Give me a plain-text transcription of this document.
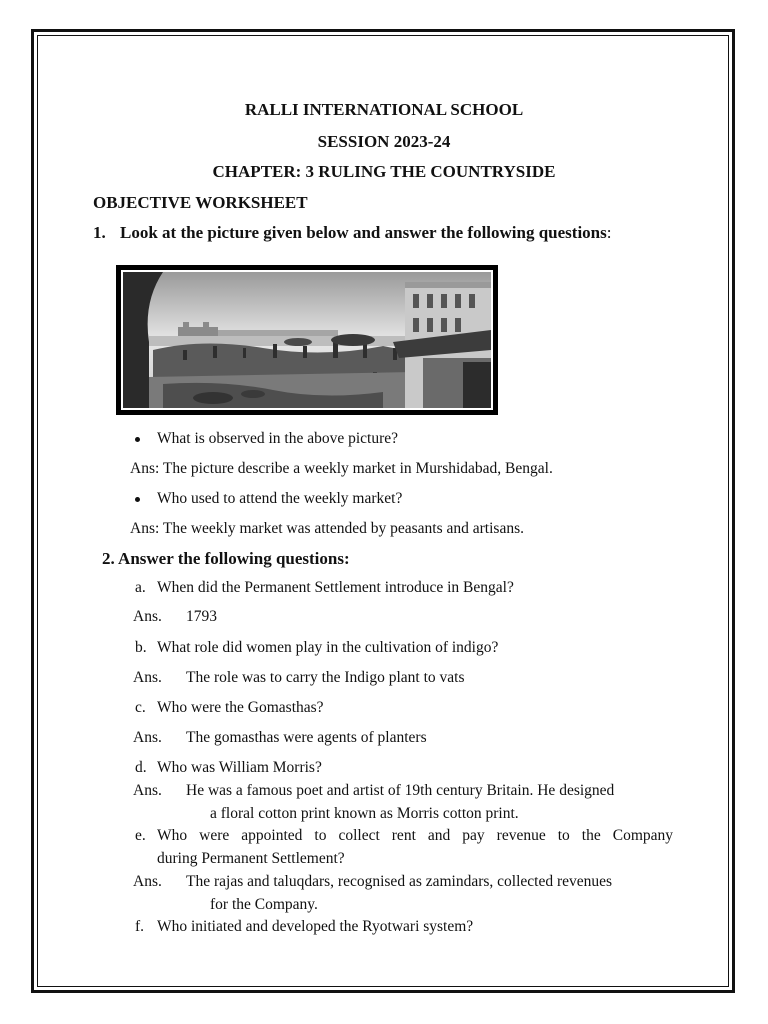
RALLI INTERNATIONAL SCHOOL
SESSION 2023-24
CHAPTER: 3 RULING THE COUNTRYSIDE
OBJECTIVE WORKSHEET
1. Look at the picture given below and answer the following questions:
What is observed in the above picture?
Ans: The picture describe a weekly market in Murshidabad, Bengal.
Who used to attend the weekly market?
Ans: The weekly market was attended by peasants and artisans.
2. Answer the following questions:
a. When did the Permanent Settlement introduce in Bengal?
Ans. 1793
b. What role did women play in the cultivation of indigo?
Ans. The role was to carry the Indigo plant to vats
c. Who were the Gomasthas?
Ans. The gomasthas were agents of planters
d. Who was William Morris?
Ans. He was a famous poet and artist of 19th century Britain. He designed
a floral cotton print known as Morris cotton print.
e. Who were appointed to collect rent and pay revenue to the Company
during Permanent Settlement?
Ans. The rajas and taluqdars, recognised as zamindars, collected revenues
for the Company.
f. Who initiated and developed the Ryotwari system?
